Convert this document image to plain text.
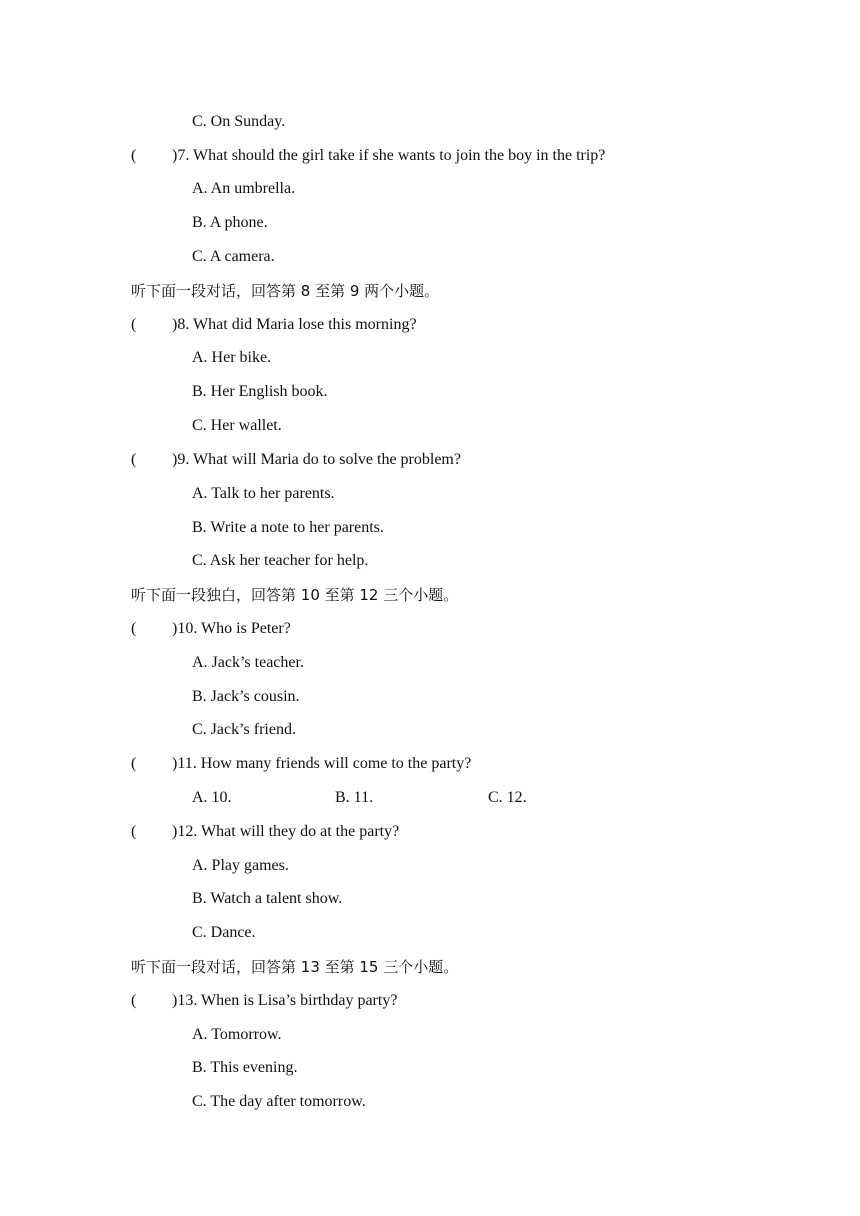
C. On Sunday.
( )7. What should the girl take if she wants to join the boy in the trip?
A. An umbrella.
B. A phone.
C. A camera.
听下面一段对话，回答第 8 至第 9 两个小题。
( )8. What did Maria lose this morning?
A. Her bike.
B. Her English book.
C. Her wallet.
( )9. What will Maria do to solve the problem?
A. Talk to her parents.
B. Write a note to her parents.
C. Ask her teacher for help.
听下面一段独白，回答第 10 至第 12 三个小题。
( )10. Who is Peter?
A. Jack’s teacher.
B. Jack’s cousin.
C. Jack’s friend.
( )11. How many friends will come to the party?
A. 10.	B. 11.	C. 12.
( )12. What will they do at the party?
A. Play games.
B. Watch a talent show.
C. Dance.
听下面一段对话，回答第 13 至第 15 三个小题。
( )13. When is Lisa’s birthday party?
A. Tomorrow.
B. This evening.
C. The day after tomorrow.
